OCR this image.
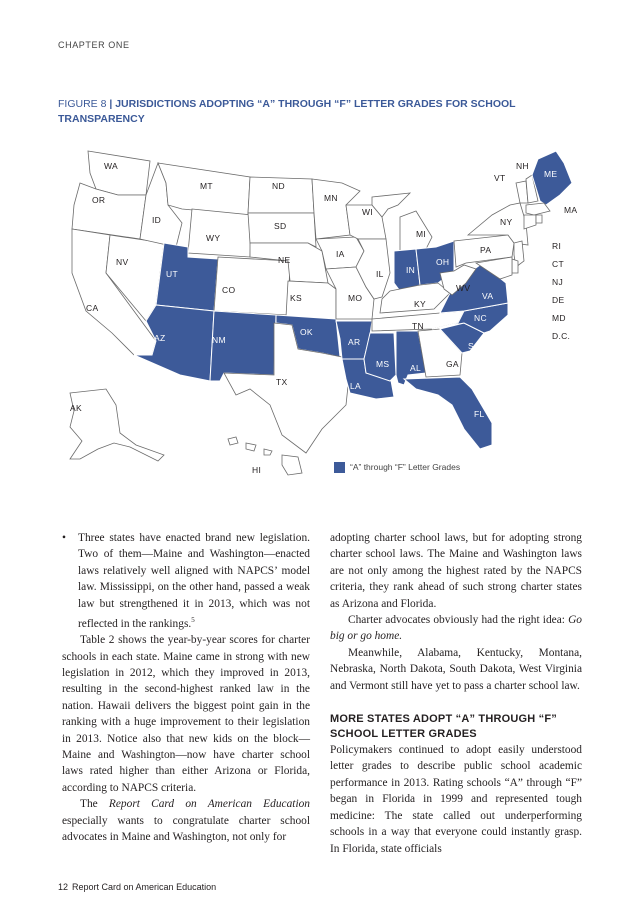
CHAPTER ONE
FIGURE 8 | JURISDICTIONS ADOPTING “A” THROUGH “F” LETTER GRADES FOR SCHOOL TRANSPARENCY
WA
OR
CA
NV
ID
MT
WY
UT
CO
AZ	NM
ND
SD
NE
KS
OK
TX
MN
IA
MO
AR
LA
WI
IL
MI
IN
OH
KY
TN
MS AL	GA
FL
SC
NC
VA
WV
PA
NY
VT
NH
ME
MA
RI
CT
NJ
DE
MD
D.C.
AK
HI	“A” through “F” Letter Grades

• Three states have enacted brand new legislation. Two of them—Maine and Washington—enacted laws relatively well aligned with NAPCS’ model law. Mississippi, on the other hand, passed a weak law but strengthened it in 2013, which was not reflected in the rankings.$^5$

Table 2 shows the year-by-year scores for charter schools in each state. Maine came in strong with new legislation in 2012, which they improved in 2013, resulting in the second-highest ranked law in the nation. Hawaii delivers the biggest point gain in the ranking with a huge improvement to their legislation in 2013. Notice also that new kids on the block—Maine and Washington—now have charter school laws rated higher than either Arizona or Florida, according to NAPCS criteria.

The Report Card on American Education especially wants to congratulate charter school advocates in Maine and Washington, not only for

adopting charter school laws, but for adopting strong charter school laws. The Maine and Washington laws are not only among the highest rated by the NAPCS criteria, they rank ahead of such strong charter states as Arizona and Florida.

Charter advocates obviously had the right idea: Go big or go home.

Meanwhile, Alabama, Kentucky, Montana, Nebraska, North Dakota, South Dakota, West Virginia and Vermont still have yet to pass a charter school law.

MORE STATES ADOPT “A” THROUGH “F”
SCHOOL LETTER GRADES

Policymakers continued to adopt easily understood letter grades to describe public school academic performance in 2013. Rating schools “A” through “F” began in Florida in 1999 and represented tough medicine: The state called out underperforming schools in a way that everyone could instantly grasp. In Florida, state officials

12 Report Card on American Education
